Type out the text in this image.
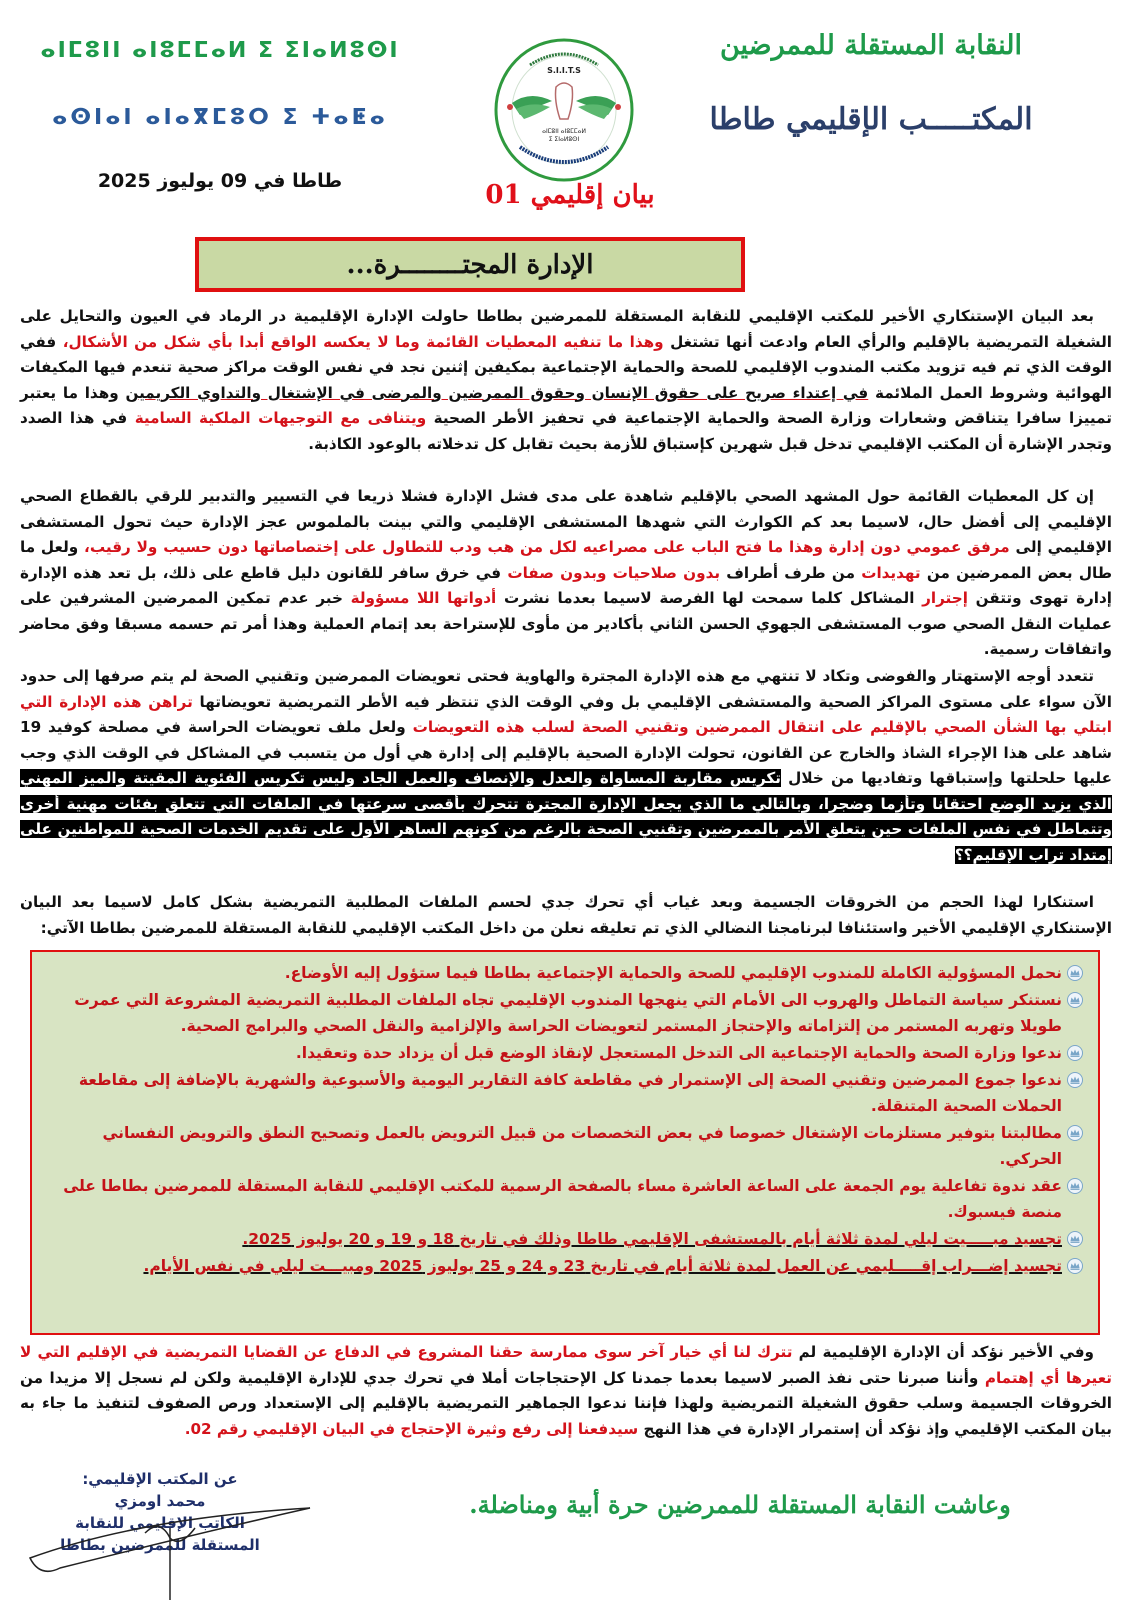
النقابة المستقلة للممرضين
المكتـــــب الإقليمي طاطا
ⴰⵏⵎⵓⵏⵏ ⴰⵏⵓⵎⵎⴰⵍ ⵉ ⵉⵏⴰⵍⵓⵙⵏ
ⴰⵙⵏⴰⵏ ⴰⵏⴰⴳⵎⵓⵔ ⵉ ⵜⴰⵟⴰ
طاطا في 09 يوليوز 2025
S.I.I.T.S
ⴰⵏⵎⵓⵏⵏ ⴰⵏⵓⵎⵎⴰⵍ
ⵉ ⵉⵏⴰⵍⵓⵙⵏ
بيان إقليمي 01
الإدارة المجتــــــــرة...

بعد البيان الإستنكاري الأخير للمكتب الإقليمي للنقابة المستقلة للممرضين بطاطا حاولت الإدارة الإقليمية در الرماد في العيون والتحايل على الشغيلة التمريضية بالإقليم والرأي العام وادعت أنها تشتغل وهذا ما تنفيه المعطيات القائمة وما لا يعكسه الواقع أبدا بأي شكل من الأشكال، ففي الوقت الذي تم فيه تزويد مكتب المندوب الإقليمي للصحة والحماية الإجتماعية بمكيفين إثنين نجد في نفس الوقت مراكز صحية تنعدم فيها المكيفات الهوائية وشروط العمل الملائمة في إعتداء صريح على حقوق الإنسان وحقوق الممرضين والمرضى في الإشتغال والتداوي الكريمين وهذا ما يعتبر تمييزا سافرا يتناقض وشعارات وزارة الصحة والحماية الإجتماعية في تحفيز الأطر الصحية ويتنافى مع التوجيهات الملكية السامية في هذا الصدد وتجدر الإشارة أن المكتب الإقليمي تدخل قبل شهرين كإستباق للأزمة بحيث تقابل كل تدخلاته بالوعود الكاذبة.

إن كل المعطيات القائمة حول المشهد الصحي بالإقليم شاهدة على مدى فشل الإدارة فشلا ذريعا في التسيير والتدبير للرقي بالقطاع الصحي الإقليمي إلى أفضل حال، لاسيما بعد كم الكوارث التي شهدها المستشفى الإقليمي والتي بينت بالملموس عجز الإدارة حيث تحول المستشفى الإقليمي إلى مرفق عمومي دون إدارة وهذا ما فتح الباب على مصراعيه لكل من هب ودب للتطاول على إختصاصاتها دون حسيب ولا رقيب، ولعل ما طال بعض الممرضين من تهديدات من طرف أطراف بدون صلاحيات وبدون صفات في خرق سافر للقانون دليل قاطع على ذلك، بل تعد هذه الإدارة إدارة تهوى وتتقن إجترار المشاكل كلما سمحت لها الفرصة لاسيما بعدما نشرت أدواتها اللا مسؤولة خبر عدم تمكين الممرضين المشرفين على عمليات النقل الصحي صوب المستشفى الجهوي الحسن الثاني بأكادير من مأوى للإستراحة بعد إتمام العملية وهذا أمر تم حسمه مسبقا وفق محاضر واتفاقات رسمية.

تتعدد أوجه الإستهتار والفوضى وتكاد لا تنتهي مع هذه الإدارة المجترة والهاوية فحتى تعويضات الممرضين وتقنيي الصحة لم يتم صرفها إلى حدود الآن سواء على مستوى المراكز الصحية والمستشفى الإقليمي بل وفي الوقت الذي تنتظر فيه الأطر التمريضية تعويضاتها تراهن هذه الإدارة التي ابتلي بها الشأن الصحي بالإقليم على انتقال الممرضين وتقنيي الصحة لسلب هذه التعويضات ولعل ملف تعويضات الحراسة في مصلحة كوفيد 19 شاهد على هذا الإجراء الشاذ والخارج عن القانون، تحولت الإدارة الصحية بالإقليم إلى إدارة هي أول من يتسبب في المشاكل في الوقت الذي وجب عليها حلحلتها وإستباقها وتفاديها من خلال تكريس مقاربة المساواة والعدل والإنصاف والعمل الجاد وليس تكريس الفئوية المقيتة والميز المهني الذي يزيد الوضع احتقانا وتأزما وضجرا، وبالتالي ما الذي يجعل الإدارة المجترة تتحرك بأقصى سرعتها في الملفات التي تتعلق بفئات مهنية أخرى وتتماطل في نفس الملفات حين يتعلق الأمر بالممرضين وتقنيي الصحة بالرغم من كونهم الساهر الأول على تقديم الخدمات الصحية للمواطنين على إمتداد تراب الإقليم؟؟

استنكارا لهذا الحجم من الخروقات الجسيمة وبعد غياب أي تحرك جدي لحسم الملفات المطلبية التمريضية بشكل كامل لاسيما بعد البيان الإستنكاري الإقليمي الأخير واستئنافا لبرنامجنا النضالي الذي تم تعليقه نعلن من داخل المكتب الإقليمي للنقابة المستقلة للممرضين بطاطا الآتي:

نحمل المسؤولية الكاملة للمندوب الإقليمي للصحة والحماية الإجتماعية بطاطا فيما ستؤول إليه الأوضاع.
نستنكر سياسة التماطل والهروب الى الأمام التي ينهجها المندوب الإقليمي تجاه الملفات المطلبية التمريضية المشروعة التي عمرت طويلا وتهربه المستمر من إلتزاماته والإحتجاز المستمر لتعويضات الحراسة والإلزامية والنقل الصحي والبرامج الصحية.
ندعوا وزارة الصحة والحماية الإجتماعية الى التدخل المستعجل لإنقاذ الوضع قبل أن يزداد حدة وتعقيدا.
ندعوا جموع الممرضين وتقنيي الصحة إلى الإستمرار في مقاطعة كافة التقارير اليومية والأسبوعية والشهرية بالإضافة إلى مقاطعة الحملات الصحية المتنقلة.
مطالبتنا بتوفير مستلزمات الإشتغال خصوصا في بعض التخصصات من قبيل الترويض بالعمل وتصحيح النطق والترويض النفساني الحركي.
عقد ندوة تفاعلية يوم الجمعة على الساعة العاشرة مساء بالصفحة الرسمية للمكتب الإقليمي للنقابة المستقلة للممرضين بطاطا على منصة فيسبوك.
تجسيد مبـــــيت ليلي لمدة ثلاثة أيام بالمستشفى الإقليمي طاطا وذلك في تاريخ 18 و 19 و 20 يوليوز 2025.
تجسيد إضـــراب إقـــــليمي عن العمل لمدة ثلاثة أيام في تاريخ 23 و 24 و 25 يوليوز 2025 ومبيـــت ليلي في نفس الأيام.

وفي الأخير نؤكد أن الإدارة الإقليمية لم تترك لنا أي خيار آخر سوى ممارسة حقنا المشروع في الدفاع عن القضايا التمريضية في الإقليم التي لا تعيرها أي إهتمام وأننا صبرنا حتى نفذ الصبر لاسيما بعدما جمدنا كل الإحتجاجات أملا في تحرك جدي للإدارة الإقليمية ولكن لم نسجل إلا مزيدا من الخروقات الجسيمة وسلب حقوق الشغيلة التمريضية ولهذا فإننا ندعوا الجماهير التمريضية بالإقليم إلى الإستعداد ورص الصفوف لتنفيذ ما جاء به بيان المكتب الإقليمي وإذ نؤكد أن إستمرار الإدارة في هذا النهج سيدفعنا إلى رفع وثيرة الإحتجاج في البيان الإقليمي رقم 02.

عن المكتب الإقليمي:
محمد اومزي
الكاتب الإقليمي للنقابة
المستقلة للممرضين بطاطا
وعاشت النقابة المستقلة للممرضين حرة أبية ومناضلة.
